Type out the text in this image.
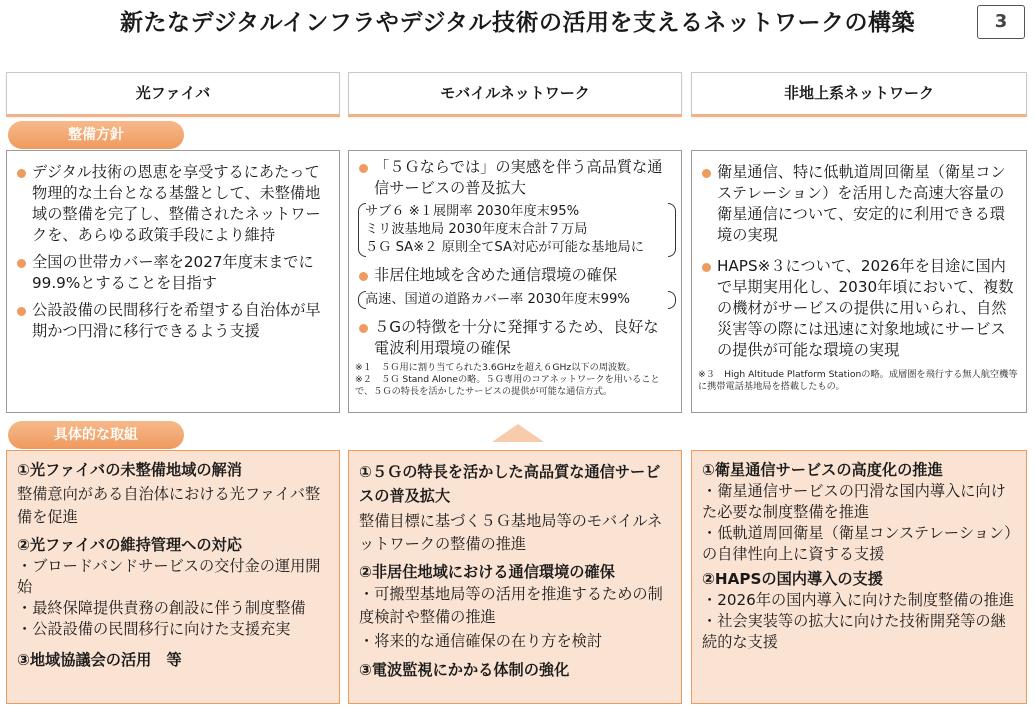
新たなデジタルインフラやデジタル技術の活用を支えるネットワークの構築	3
光ファイバ	モバイルネットワーク	非地上系ネットワーク
整備方針
デジタル技術の恩恵を享受するにあたって物理的な土台となる基盤として、未整備地域の整備を完了し、整備されたネットワークを、あらゆる政策手段により維持
全国の世帯カバー率を2027年度末までに99.9%とすることを目指す
公設設備の民間移行を希望する自治体が早期かつ円滑に移行できるよう支援
「５Ｇならでは」の実感を伴う高品質な通信サービスの普及拡大
サブ６ ※１展開率 2030年度末95%
ミリ波基地局 2030年度末合計７万局
５Ｇ SA※２ 原則全てSA対応が可能な基地局に
非居住地域を含めた通信環境の確保
高速、国道の道路カバー率 2030年度末99%
５Gの特徴を十分に発揮するため、良好な電波利用環境の確保
※１　５Ｇ用に割り当てられた3.6GHzを超え６GHz以下の周波数。
※２　５Ｇ Stand Aloneの略。５Ｇ専用のコアネットワークを用いることで、５Ｇの特長を活かしたサービスの提供が可能な通信方式。
衛星通信、特に低軌道周回衛星（衛星コンステレーション）を活用した高速大容量の衛星通信について、安定的に利用できる環境の実現
HAPS※３について、2026年を目途に国内で早期実用化し、2030年頃において、複数の機材がサービスの提供に用いられ、自然災害等の際には迅速に対象地域にサービスの提供が可能な環境の実現
※３　High Altitude Platform Stationの略。成層圏を飛行する無人航空機等に携帯電話基地局を搭載したもの。
具体的な取組
①光ファイバの未整備地域の解消
整備意向がある自治体における光ファイバ整備を促進
②光ファイバの維持管理への対応
・ブロードバンドサービスの交付金の運用開始
・最終保障提供責務の創設に伴う制度整備
・公設設備の民間移行に向けた支援充実
③地域協議会の活用　等
①５Ｇの特長を活かした高品質な通信サービスの普及拡大
整備目標に基づく５Ｇ基地局等のモバイルネットワークの整備の推進
②非居住地域における通信環境の確保
・可搬型基地局等の活用を推進するための制度検討や整備の推進
・将来的な通信確保の在り方を検討
③電波監視にかかる体制の強化
①衛星通信サービスの高度化の推進
・衛星通信サービスの円滑な国内導入に向けた必要な制度整備を推進
・低軌道周回衛星（衛星コンステレーション）の自律性向上に資する支援
②HAPSの国内導入の支援
・2026年の国内導入に向けた制度整備の推進
・社会実装等の拡大に向けた技術開発等の継続的な支援
